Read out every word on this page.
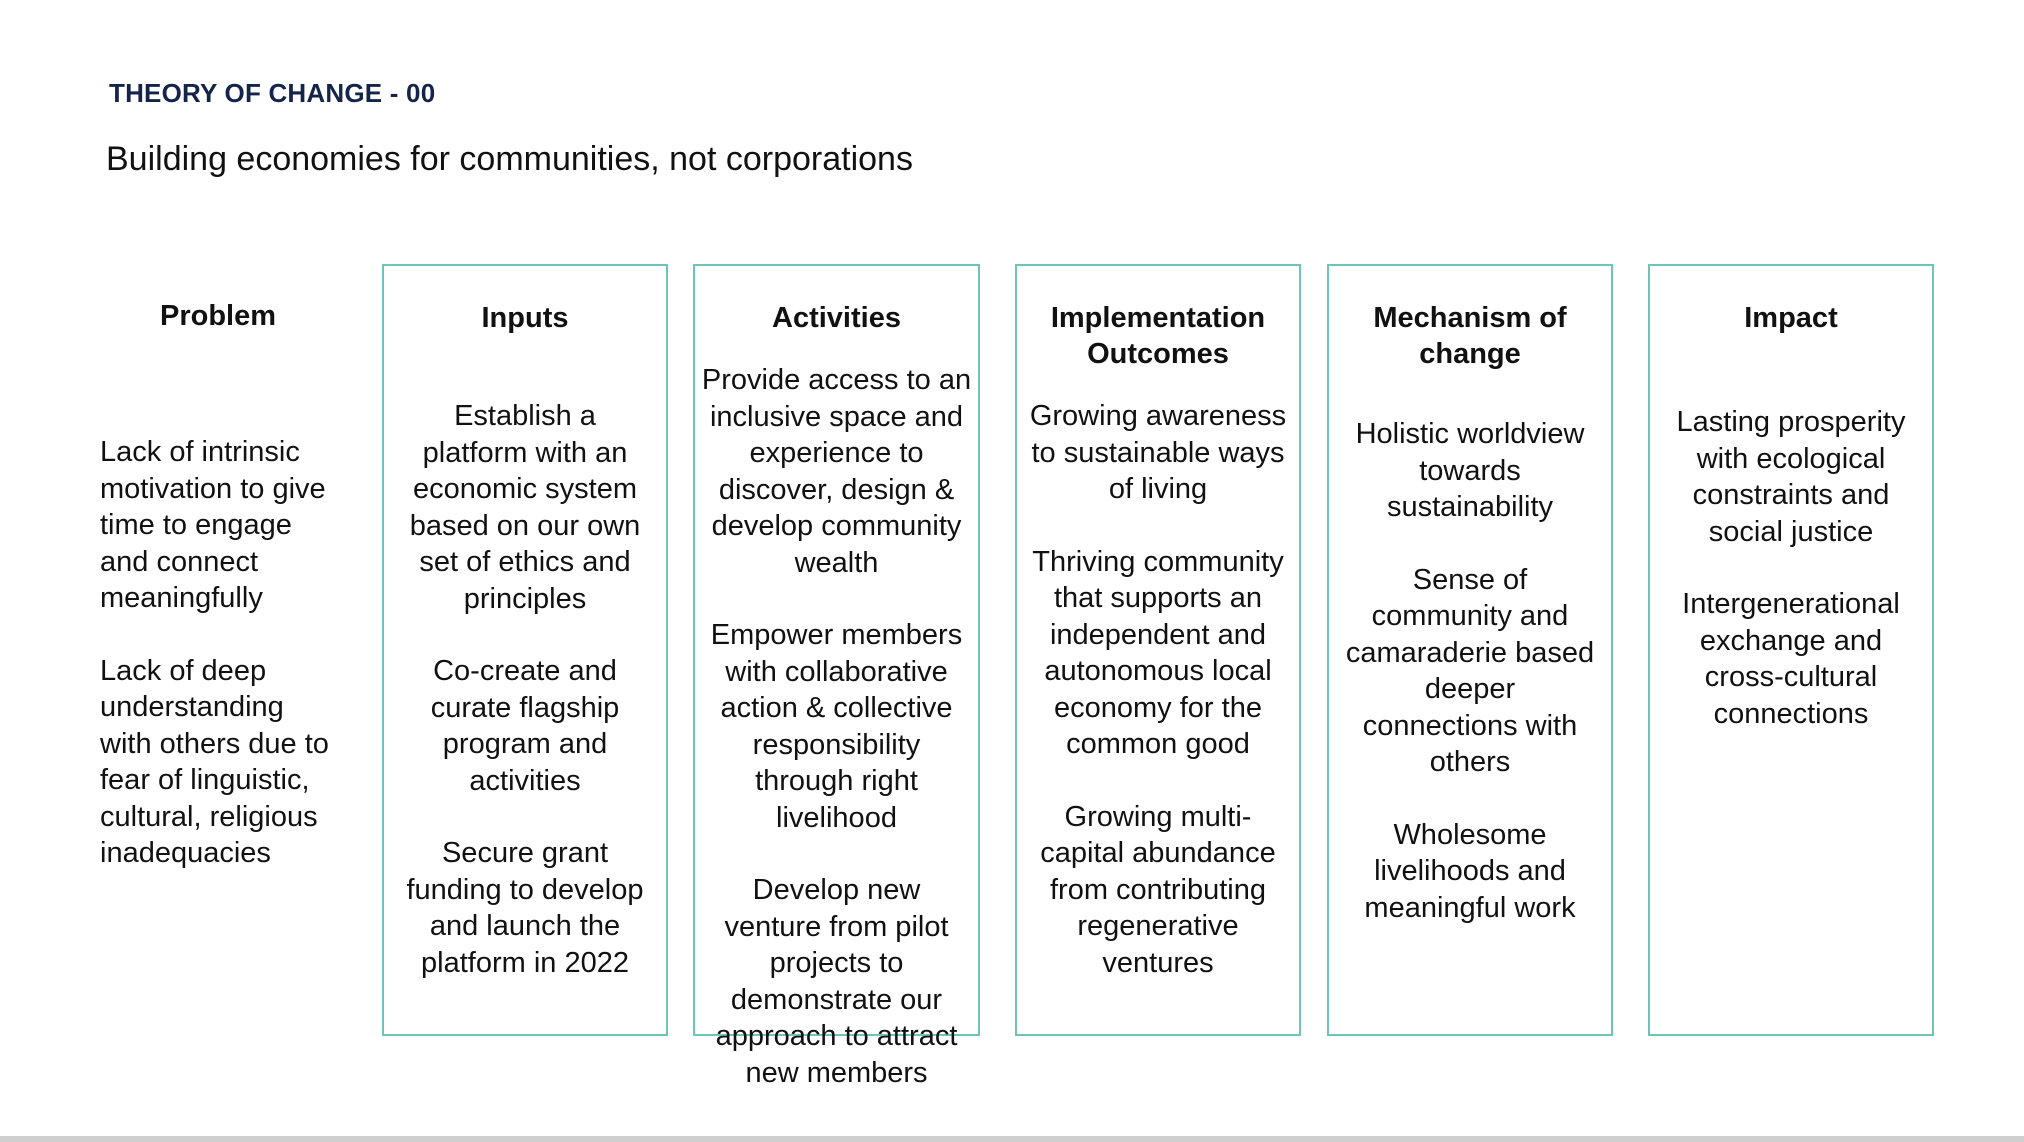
THEORY OF CHANGE - 00
Building economies for communities, not corporations
Problem

Lack of intrinsic motivation to give time to engage and connect meaningfully

Lack of deep understanding with others due to fear of linguistic, cultural, religious inadequacies

Inputs

Establish a platform with an economic system based on our own set of ethics and principles

Co-create and curate flagship program and activities

Secure grant funding to develop and launch the platform in 2022

Activities

Provide access to an inclusive space and experience to discover, design & develop community wealth

Empower members with collaborative action & collective responsibility through right livelihood

Develop new venture from pilot projects to demonstrate our approach to attract new members

Implementation Outcomes

Growing awareness to sustainable ways of living

Thriving community that supports an independent and autonomous local economy for the common good

Growing multi-capital abundance from contributing regenerative ventures

Mechanism of change

Holistic worldview towards sustainability

Sense of community and camaraderie based deeper connections with others

Wholesome livelihoods and meaningful work

Impact

Lasting prosperity with ecological constraints and social justice

Intergenerational exchange and cross-cultural connections
